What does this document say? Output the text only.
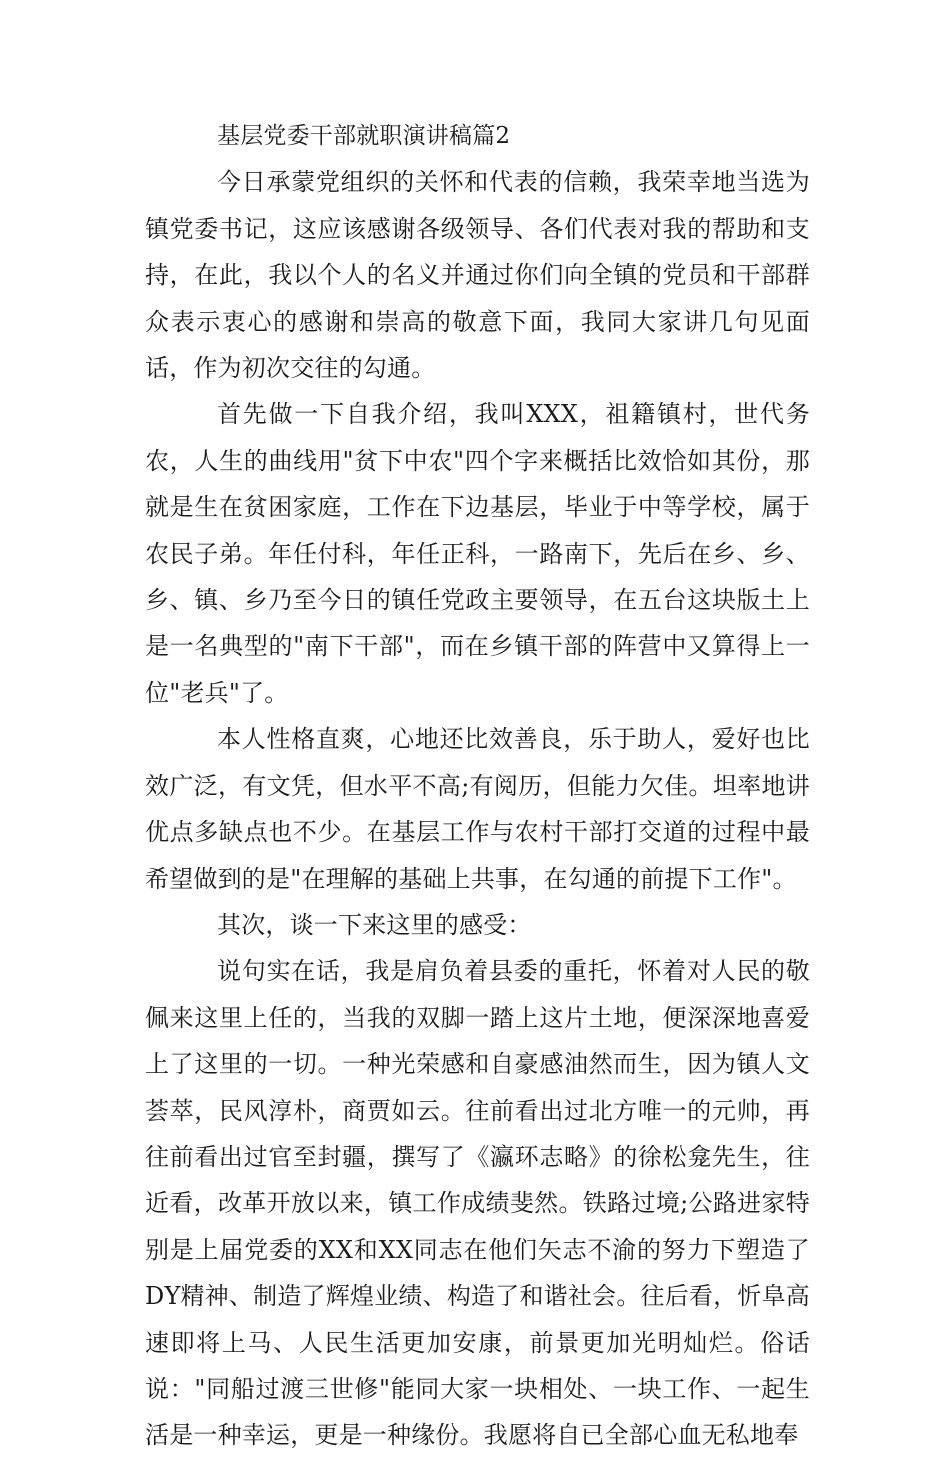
基层党委干部就职演讲稿篇2

今日承蒙党组织的关怀和代表的信赖，我荣幸地当选为镇党委书记，这应该感谢各级领导、各们代表对我的帮助和支持，在此，我以个人的名义并通过你们向全镇的党员和干部群众表示衷心的感谢和崇高的敬意下面，我同大家讲几句见面话，作为初次交往的勾通。

首先做一下自我介绍，我叫XXX，祖籍镇村，世代务农，人生的曲线用"贫下中农"四个字来概括比效恰如其份，那就是生在贫困家庭，工作在下边基层，毕业于中等学校，属于农民子弟。年任付科，年任正科，一路南下，先后在乡、乡、乡、镇、乡乃至今日的镇任党政主要领导，在五台这块版土上是一名典型的"南下干部"，而在乡镇干部的阵营中又算得上一位"老兵"了。

本人性格直爽，心地还比效善良，乐于助人，爱好也比效广泛，有文凭，但水平不高;有阅历，但能力欠佳。坦率地讲优点多缺点也不少。在基层工作与农村干部打交道的过程中最希望做到的是"在理解的基础上共事，在勾通的前提下工作"。

其次，谈一下来这里的感受：

说句实在话，我是肩负着县委的重托，怀着对人民的敬佩来这里上任的，当我的双脚一踏上这片土地，便深深地喜爱上了这里的一切。一种光荣感和自豪感油然而生，因为镇人文荟萃，民风淳朴，商贾如云。往前看出过北方唯一的元帅，再往前看出过官至封疆，撰写了《瀛环志略》的徐松龛先生，往近看，改革开放以来，镇工作成绩斐然。铁路过境;公路进家特别是上届党委的XX和XX同志在他们矢志不渝的努力下塑造了DY精神、制造了辉煌业绩、构造了和谐社会。往后看，忻阜高速即将上马、人民生活更加安康，前景更加光明灿烂。俗话说："同船过渡三世修"能同大家一块相处、一块工作、一起生活是一种幸运，更是一种缘份。我愿将自已全部心血无私地奉
